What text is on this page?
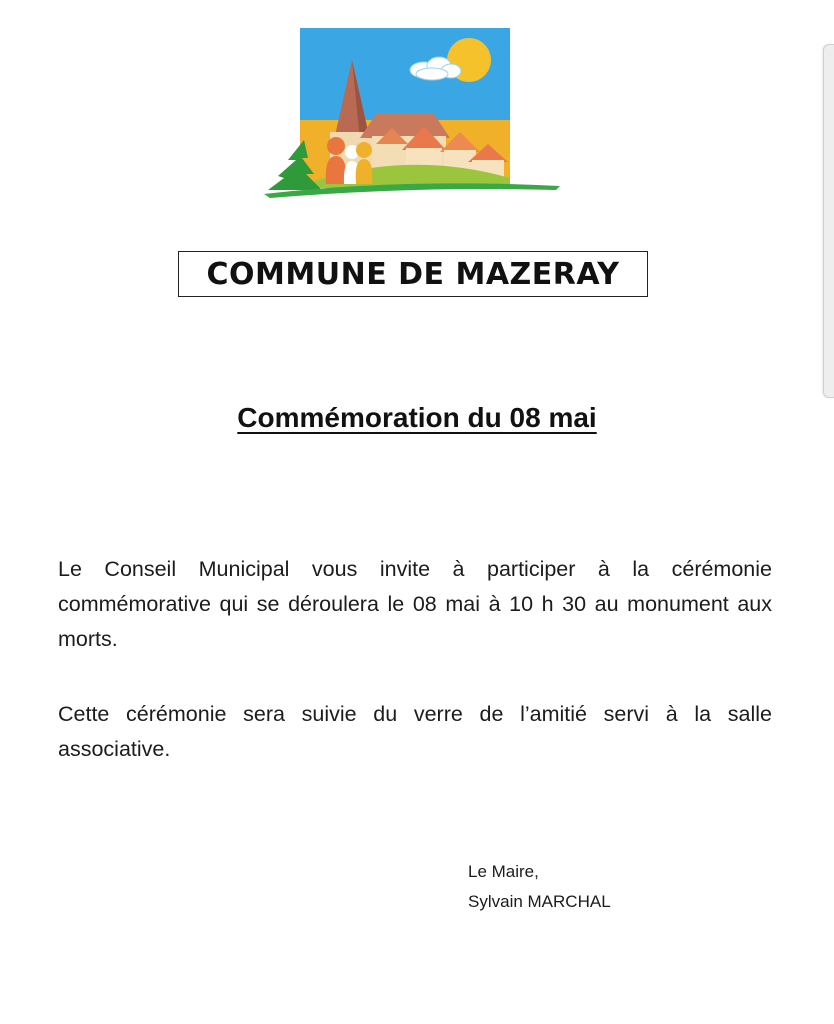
COMMUNE DE MAZERAY
Commémoration du 08 mai
Le Conseil Municipal vous invite à participer à la cérémonie commémorative qui se déroulera le 08 mai à 10 h 30 au monument aux morts.
Cette cérémonie sera suivie du verre de l’amitié servi à la salle associative.
Le Maire,
Sylvain MARCHAL
